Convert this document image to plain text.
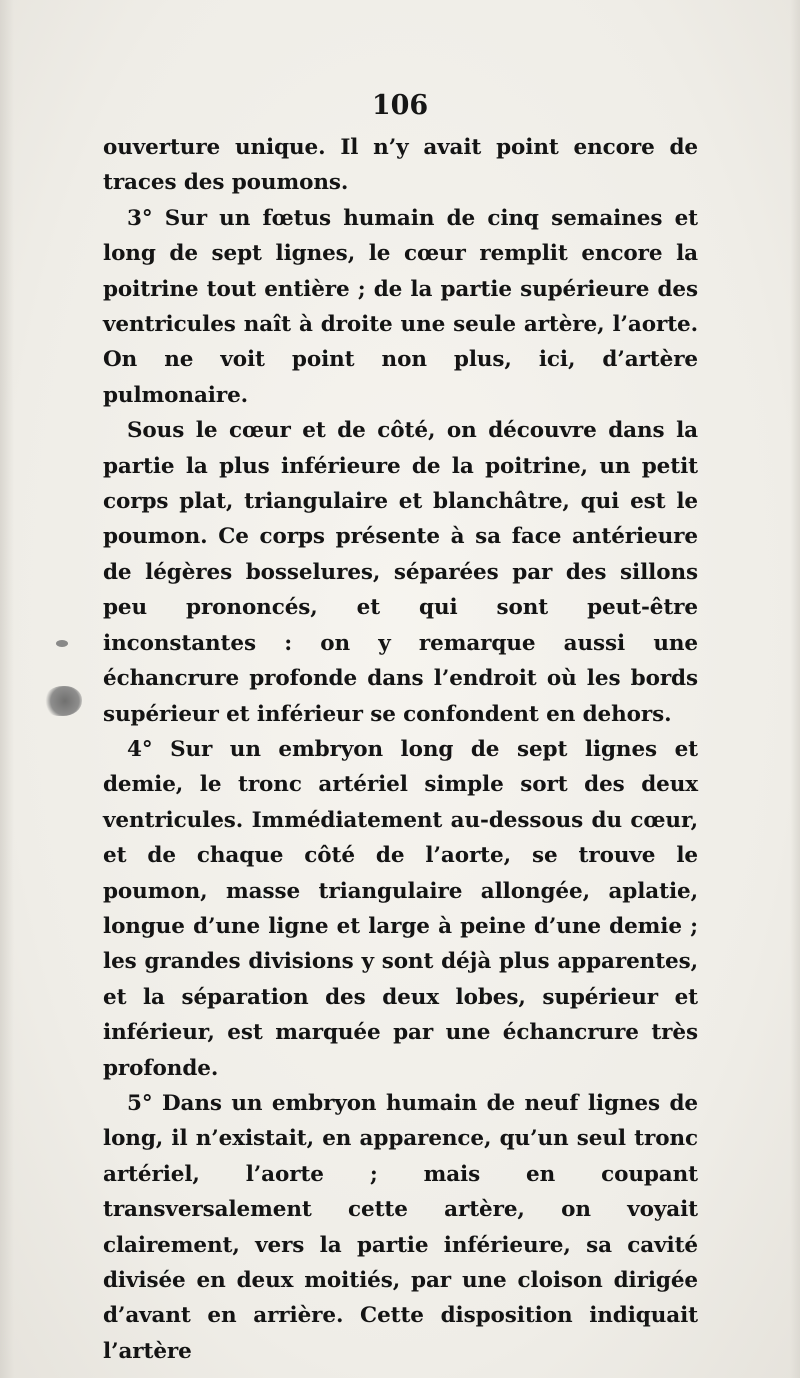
106

ouverture unique. Il n’y avait point encore de traces des poumons.

3° Sur un fœtus humain de cinq semaines et long de sept lignes, le cœur remplit encore la poitrine tout entière ; de la partie supérieure des ventricules naît à droite une seule artère, l’aorte. On ne voit point non plus, ici, d’artère pulmonaire.

Sous le cœur et de côté, on découvre dans la partie la plus inférieure de la poitrine, un petit corps plat, triangulaire et blanchâtre, qui est le poumon. Ce corps présente à sa face antérieure de légères bosselures, séparées par des sillons peu prononcés, et qui sont peut-être inconstantes : on y remarque aussi une échancrure profonde dans l’endroit où les bords supérieur et inférieur se confondent en dehors.

4° Sur un embryon long de sept lignes et demie, le tronc artériel simple sort des deux ventricules. Immédiatement au-dessous du cœur, et de chaque côté de l’aorte, se trouve le poumon, masse triangulaire allongée, aplatie, longue d’une ligne et large à peine d’une demie ; les grandes divisions y sont déjà plus apparentes, et la séparation des deux lobes, supérieur et inférieur, est marquée par une échancrure très profonde.

5° Dans un embryon humain de neuf lignes de long, il n’existait, en apparence, qu’un seul tronc artériel, l’aorte ; mais en coupant transversalement cette artère, on voyait clairement, vers la partie inférieure, sa cavité divisée en deux moitiés, par une cloison dirigée d’avant en arrière. Cette disposition indiquait l’artère
